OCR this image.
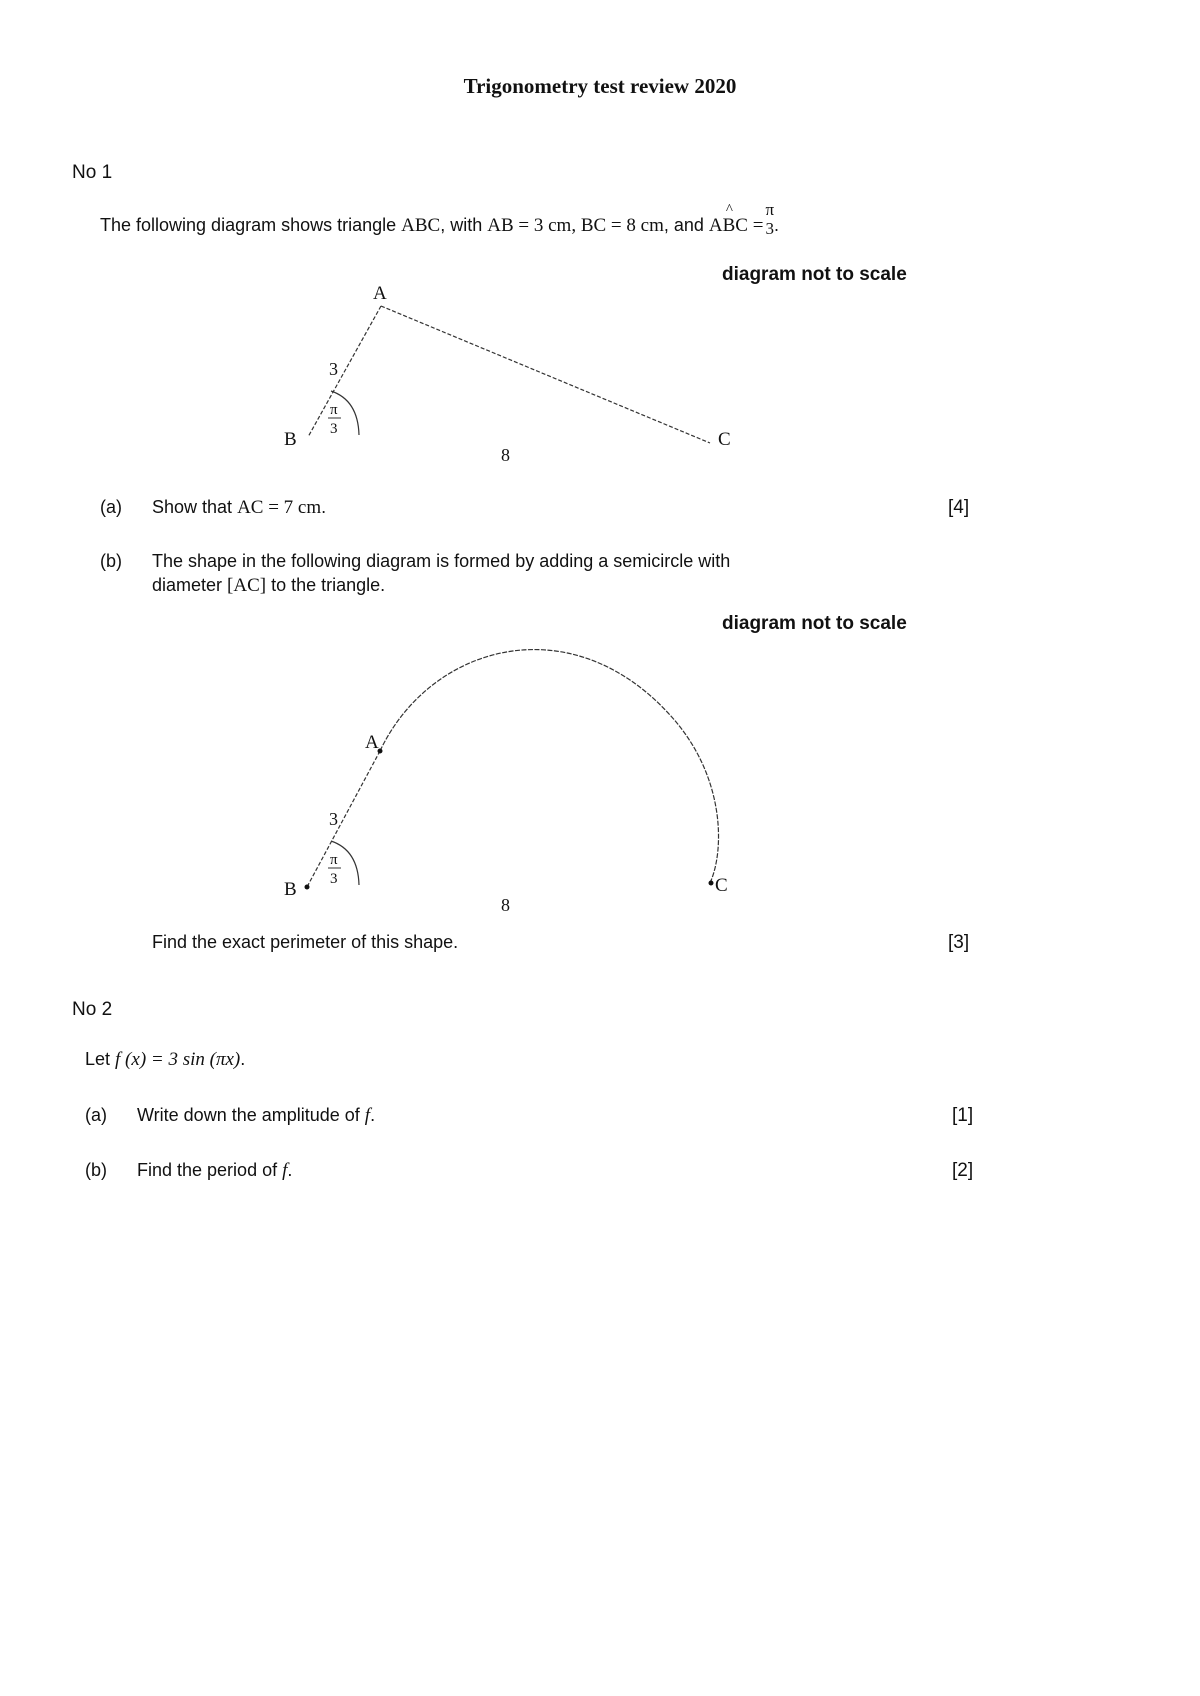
Trigonometry test review 2020
No 1
The following diagram shows triangle ABC, with AB = 3 cm, BC = 8 cm, and
^
ABC =
π
3 .
diagram not to scale
A
B	C
3
8
π
3
(a) Show that AC = 7 cm.	[4]
(b) The shape in the following diagram is formed by adding a semicircle with
diameter [AC] to the triangle.
diagram not to scale
A
B	C
3
8
π
3
Find the exact perimeter of this shape.	[3]
No 2
Let f (x) = 3 sin (πx).
(a) Write down the amplitude of f.	[1]
(b) Find the period of f.	[2]
